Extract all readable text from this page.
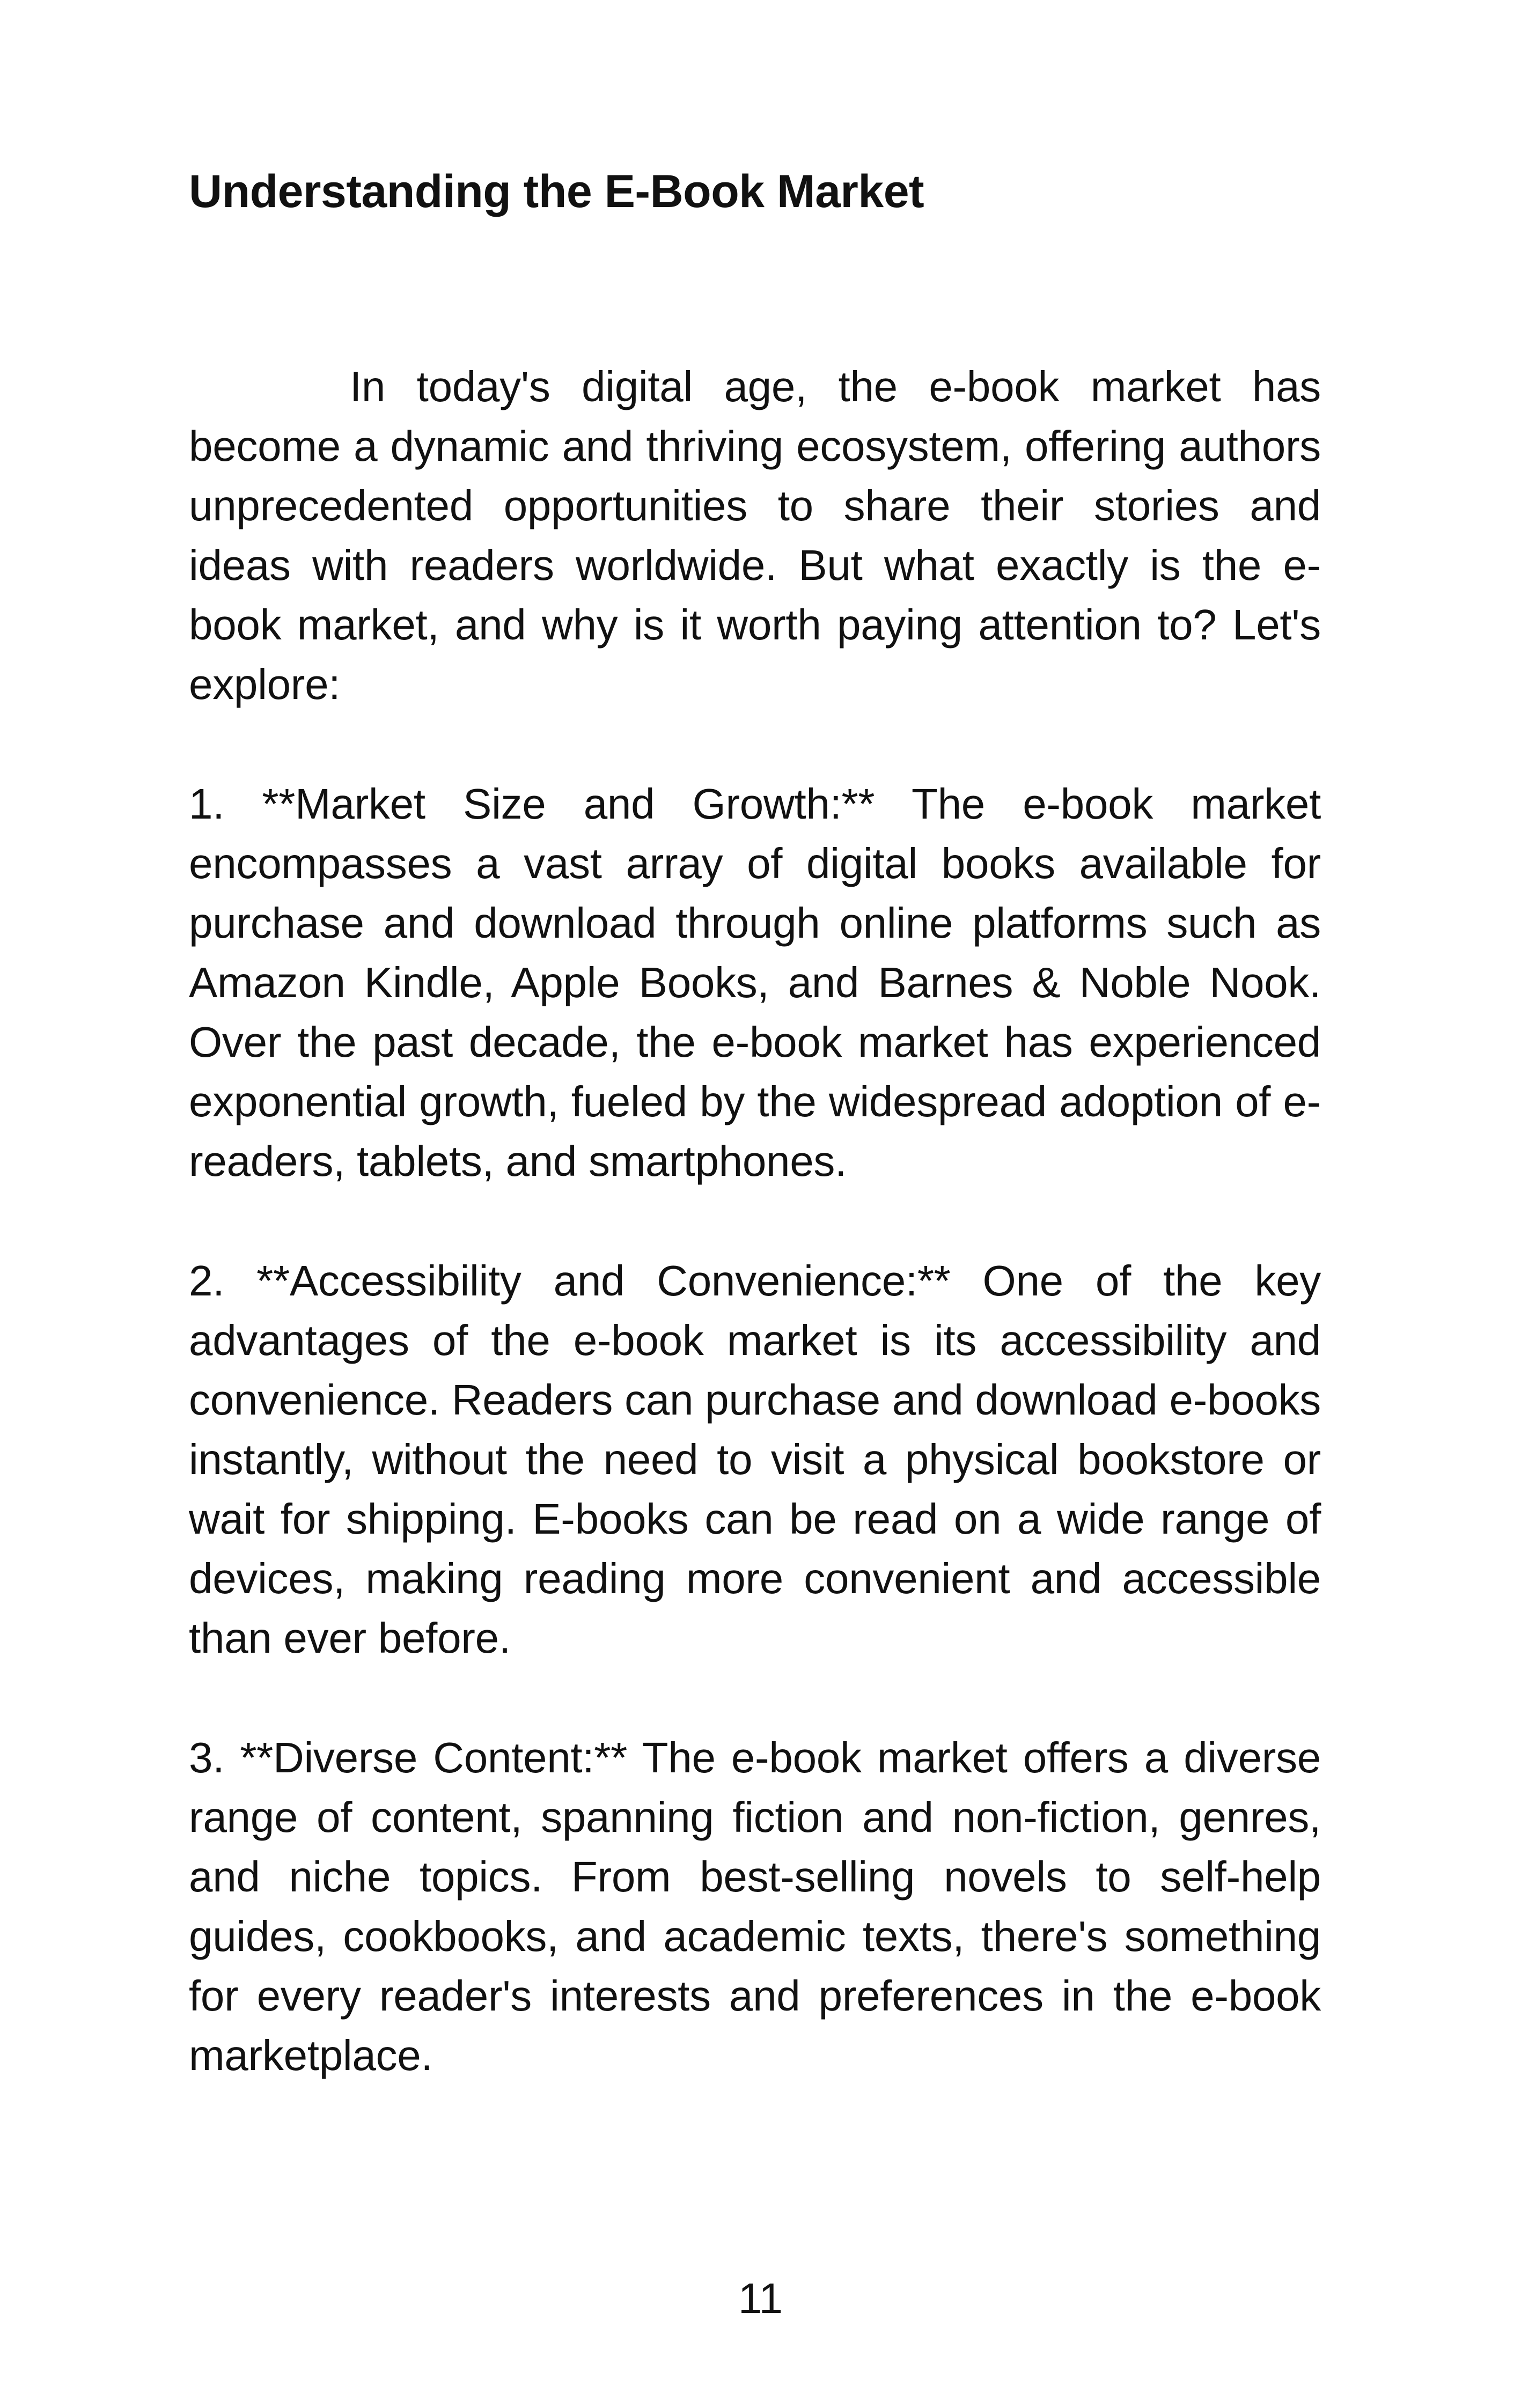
Understanding the E-Book Market

In today's digital age, the e-book market has become a dynamic and thriving ecosystem, offering authors unprecedented opportunities to share their stories and ideas with readers worldwide. But what exactly is the e-book market, and why is it worth paying attention to? Let's explore:

1. **Market Size and Growth:** The e-book market encompasses a vast array of digital books available for purchase and download through online platforms such as Amazon Kindle, Apple Books, and Barnes & Noble Nook. Over the past decade, the e-book market has experienced exponential growth, fueled by the widespread adoption of e-readers, tablets, and smartphones.

2. **Accessibility and Convenience:** One of the key advantages of the e-book market is its accessibility and convenience. Readers can purchase and download e-books instantly, without the need to visit a physical bookstore or wait for shipping. E-books can be read on a wide range of devices, making reading more convenient and accessible than ever before.

3. **Diverse Content:** The e-book market offers a diverse range of content, spanning fiction and non-fiction, genres, and niche topics. From best-selling novels to self-help guides, cookbooks, and academic texts, there's something for every reader's interests and preferences in the e-book marketplace.

11
